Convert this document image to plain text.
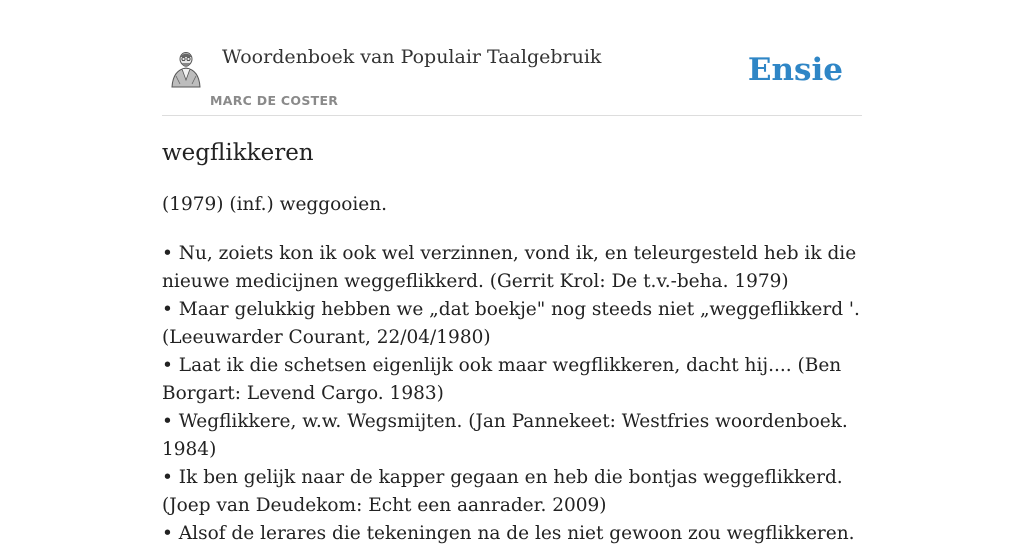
Woordenboek van Populair Taalgebruik
MARC DE COSTER
Ensie
wegflikkeren

(1979) (inf.) weggooien.

• Nu, zoiets kon ik ook wel verzinnen, vond ik, en teleurgesteld heb ik die nieuwe medicijnen weggeflikkerd. (Gerrit Krol: De t.v.-beha. 1979)

• Maar gelukkig hebben we „dat boekje" nog steeds niet „weggeflikkerd '. (Leeuwarder Courant, 22/04/1980)

• Laat ik die schetsen eigenlijk ook maar wegflikkeren, dacht hij.... (Ben Borgart: Levend Cargo. 1983)

• Wegflikkere, w.w. Wegsmijten. (Jan Pannekeet: Westfries woordenboek. 1984)

• Ik ben gelijk naar de kapper gegaan en heb die bontjas weggeflikkerd. (Joep van Deudekom: Echt een aanrader. 2009)

• Alsof de lerares die tekeningen na de les niet gewoon zou wegflikkeren.
